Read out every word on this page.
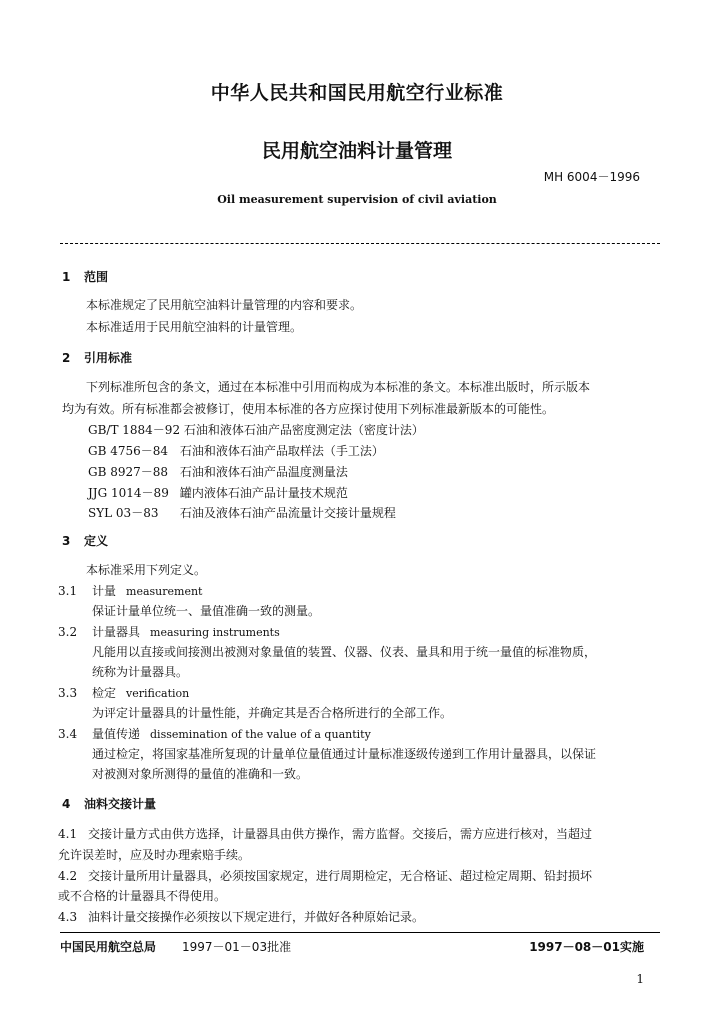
中华人民共和国民用航空行业标准
民用航空油料计量管理
MH 6004－1996
Oil measurement supervision of civil aviation
1 范围
本标准规定了民用航空油料计量管理的内容和要求。
本标准适用于民用航空油料的计量管理。
2 引用标准
下列标准所包含的条文，通过在本标准中引用而构成为本标准的条文。本标准出版时，所示版本
均为有效。所有标准都会被修订，使用本标准的各方应探讨使用下列标准最新版本的可能性。
GB/T 1884－92 石油和液体石油产品密度测定法（密度计法）
GB 4756－84 石油和液体石油产品取样法（手工法）
GB 8927－88 石油和液体石油产品温度测量法
JJG 1014－89 罐内液体石油产品计量技术规范
SYL 03－83 石油及液体石油产品流量计交接计量规程
3 定义
本标准采用下列定义。
3.1 计量 measurement
保证计量单位统一、量值准确一致的测量。
3.2 计量器具 measuring instruments
凡能用以直接或间接测出被测对象量值的装置、仪器、仪表、量具和用于统一量值的标准物质，
统称为计量器具。
3.3 检定 verification
为评定计量器具的计量性能，并确定其是否合格所进行的全部工作。
3.4 量值传递 dissemination of the value of a quantity
通过检定，将国家基准所复现的计量单位量值通过计量标准逐级传递到工作用计量器具，以保证
对被测对象所测得的量值的准确和一致。
4 油料交接计量
4.1 交接计量方式由供方选择，计量器具由供方操作，需方监督。交接后，需方应进行核对，当超过
允许误差时，应及时办理索赔手续。
4.2 交接计量所用计量器具，必须按国家规定，进行周期检定，无合格证、超过检定周期、铅封损坏
或不合格的计量器具不得使用。
4.3 油料计量交接操作必须按以下规定进行，并做好各种原始记录。
中国民用航空总局 1997－01－03批准	1997－08－01实施
1
